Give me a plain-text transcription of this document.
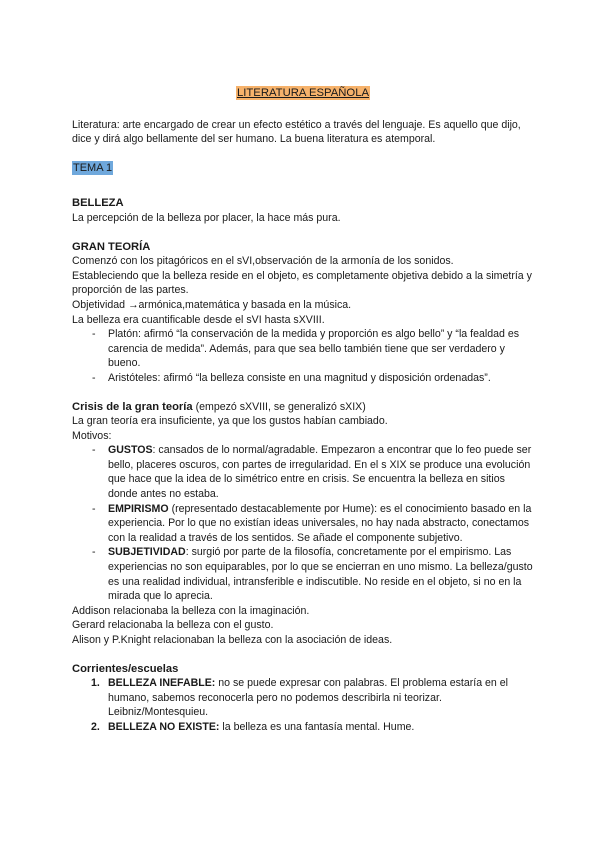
LITERATURA ESPAÑOLA

Literatura: arte encargado de crear un efecto estético a través del lenguaje. Es aquello que dijo, dice y dirá algo bellamente del ser humano. La buena literatura es atemporal.

TEMA 1
BELLEZA

La percepción de la belleza por placer, la hace más pura.

GRAN TEORÍA

Comenzó con los pitagóricos en el sVI,observación de la armonía de los sonidos.

Estableciendo que la belleza reside en el objeto, es completamente objetiva debido a la simetría y proporción de las partes.

Objetividad →armónica,matemática y basada en la música.

La belleza era cuantificable desde el sVI hasta sXVIII.

- Platón: afirmó “la conservación de la medida y proporción es algo bello” y “la fealdad es carencia de medida”. Además, para que sea bello también tiene que ser verdadero y bueno.
- Aristóteles: afirmó “la belleza consiste en una magnitud y disposición ordenadas”.
Crisis de la gran teoría (empezó sXVIII, se generalizó sXIX)

La gran teoría era insuficiente, ya que los gustos habían cambiado.

Motivos:

- GUSTOS: cansados de lo normal/agradable. Empezaron a encontrar que lo feo puede ser bello, placeres oscuros, con partes de irregularidad. En el s XIX se produce una evolución que hace que la idea de lo simétrico entre en crisis. Se encuentra la belleza en sitios donde antes no estaba.
- EMPIRISMO (representado destacablemente por Hume): es el conocimiento basado en la experiencia. Por lo que no existían ideas universales, no hay nada abstracto, conectamos con la realidad a través de los sentidos. Se añade el componente subjetivo.
- SUBJETIVIDAD: surgió por parte de la filosofía, concretamente por el empirismo. Las experiencias no son equiparables, por lo que se encierran en uno mismo. La belleza/gusto es una realidad individual, intransferible e indiscutible. No reside en el objeto, si no en la mirada que lo aprecia.

Addison relacionaba la belleza con la imaginación.

Gerard relacionaba la belleza con el gusto.

Alison y P.Knight relacionaban la belleza con la asociación de ideas.

Corrientes/escuelas
1. BELLEZA INEFABLE: no se puede expresar con palabras. El problema estaría en el humano, sabemos reconocerla pero no podemos describirla ni teorizar. Leibniz/Montesquieu.
2. BELLEZA NO EXISTE: la belleza es una fantasía mental. Hume.
